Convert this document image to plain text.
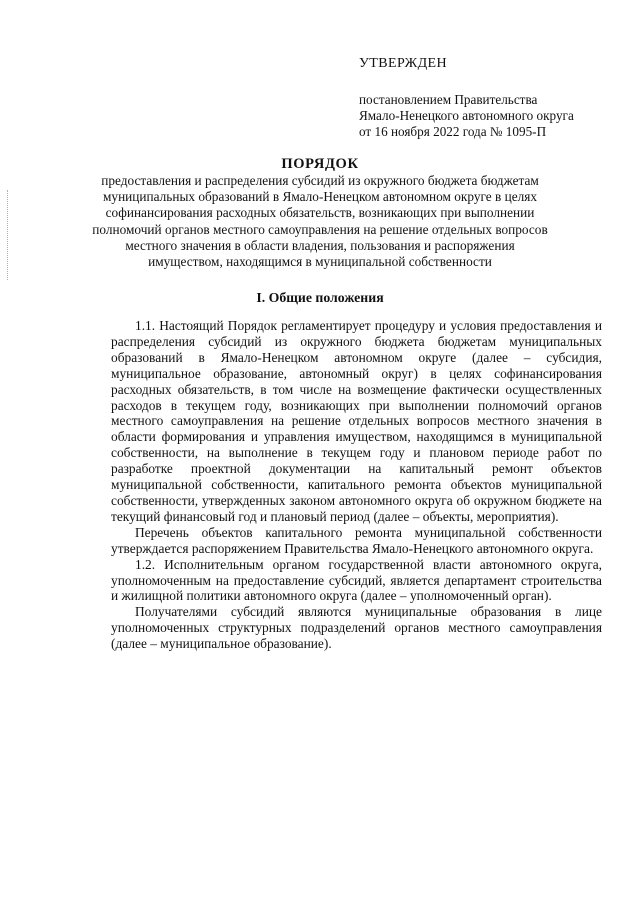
УТВЕРЖДЕН
постановлением Правительства
Ямало-Ненецкого автономного округа
от 16 ноября 2022 года № 1095-П
ПОРЯДОК
предоставления и распределения субсидий из окружного бюджета бюджетам
муниципальных образований в Ямало-Ненецком автономном округе в целях
софинансирования расходных обязательств, возникающих при выполнении
полномочий органов местного самоуправления на решение отдельных вопросов
местного значения в области владения, пользования и распоряжения
имуществом, находящимся в муниципальной собственности
I. Общие положения

1.1. Настоящий Порядок регламентирует процедуру и условия предоставления и распределения субсидий из окружного бюджета бюджетам муниципальных образований в Ямало-Ненецком автономном округе (далее – субсидия, муниципальное образование, автономный округ) в целях софинансирования расходных обязательств, в том числе на возмещение фактически осуществленных расходов в текущем году, возникающих при выполнении полномочий органов местного самоуправления на решение отдельных вопросов местного значения в области формирования и управления имуществом, находящимся в муниципальной собственности, на выполнение в текущем году и плановом периоде работ по разработке проектной документации на капитальный ремонт объектов муниципальной собственности, капитального ремонта объектов муниципальной собственности, утвержденных законом автономного округа об окружном бюджете на текущий финансовый год и плановый период (далее – объекты, мероприятия).

Перечень объектов капитального ремонта муниципальной собственности утверждается распоряжением Правительства Ямало-Ненецкого автономного округа.

1.2. Исполнительным органом государственной власти автономного округа, уполномоченным на предоставление субсидий, является департамент строительства и жилищной политики автономного округа (далее – уполномоченный орган).

Получателями субсидий являются муниципальные образования в лице уполномоченных структурных подразделений органов местного самоуправления (далее – муниципальное образование).
